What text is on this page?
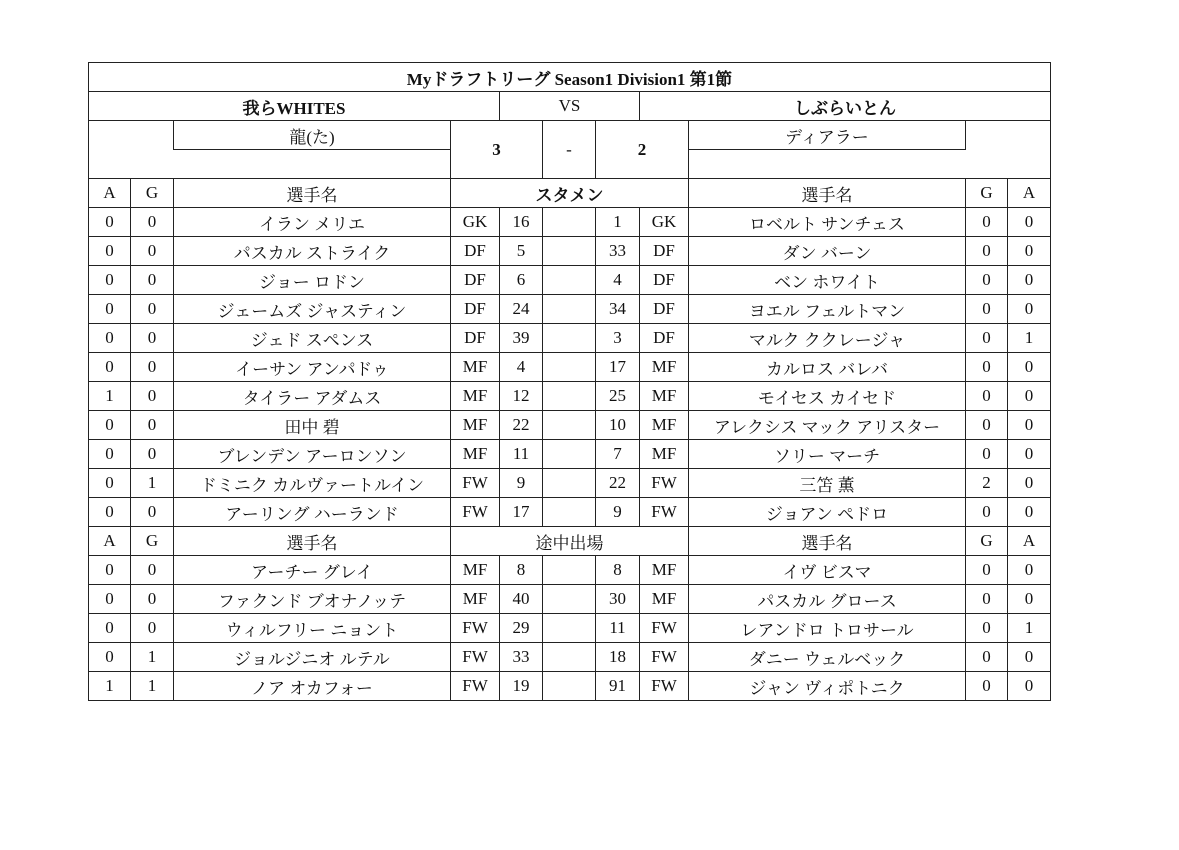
Myドラフトリーグ Season1 Division1 第1節										
我らWHITES				VS			しぶらいとん			
		龍(た)	3		-	2		ディアラー		

A	G	選手名	スタメン					選手名	G	A
0	0	イラン メリエ	GK	16		1	GK	ロベルト サンチェス	0	0
0	0	パスカル ストライク	DF	5		33	DF	ダン バーン	0	0
0	0	ジョー ロドン	DF	6		4	DF	ベン ホワイト	0	0
0	0	ジェームズ ジャスティン	DF	24		34	DF	ヨエル フェルトマン	0	0
0	0	ジェド スペンス	DF	39		3	DF	マルク ククレージャ	0	1
0	0	イーサン アンパドゥ	MF	4		17	MF	カルロス バレバ	0	0
1	0	タイラー アダムス	MF	12		25	MF	モイセス カイセド	0	0
0	0	田中 碧	MF	22		10	MF	アレクシス マック アリスター	0	0
0	0	ブレンデン アーロンソン	MF	11		7	MF	ソリー マーチ	0	0
0	1	ドミニク カルヴァートルイン	FW	9		22	FW	三笘 薫	2	0
0	0	アーリング ハーランド	FW	17		9	FW	ジョアン ペドロ	0	0
A	G	選手名	途中出場					選手名	G	A
0	0	アーチー グレイ	MF	8		8	MF	イヴ ビスマ	0	0
0	0	ファクンド ブオナノッテ	MF	40		30	MF	パスカル グロース	0	0
0	0	ウィルフリー ニョント	FW	29		11	FW	レアンドロ トロサール	0	1
0	1	ジョルジニオ ルテル	FW	33		18	FW	ダニー ウェルベック	0	0
1	1	ノア オカフォー	FW	19		91	FW	ジャン ヴィポトニク	0	0
